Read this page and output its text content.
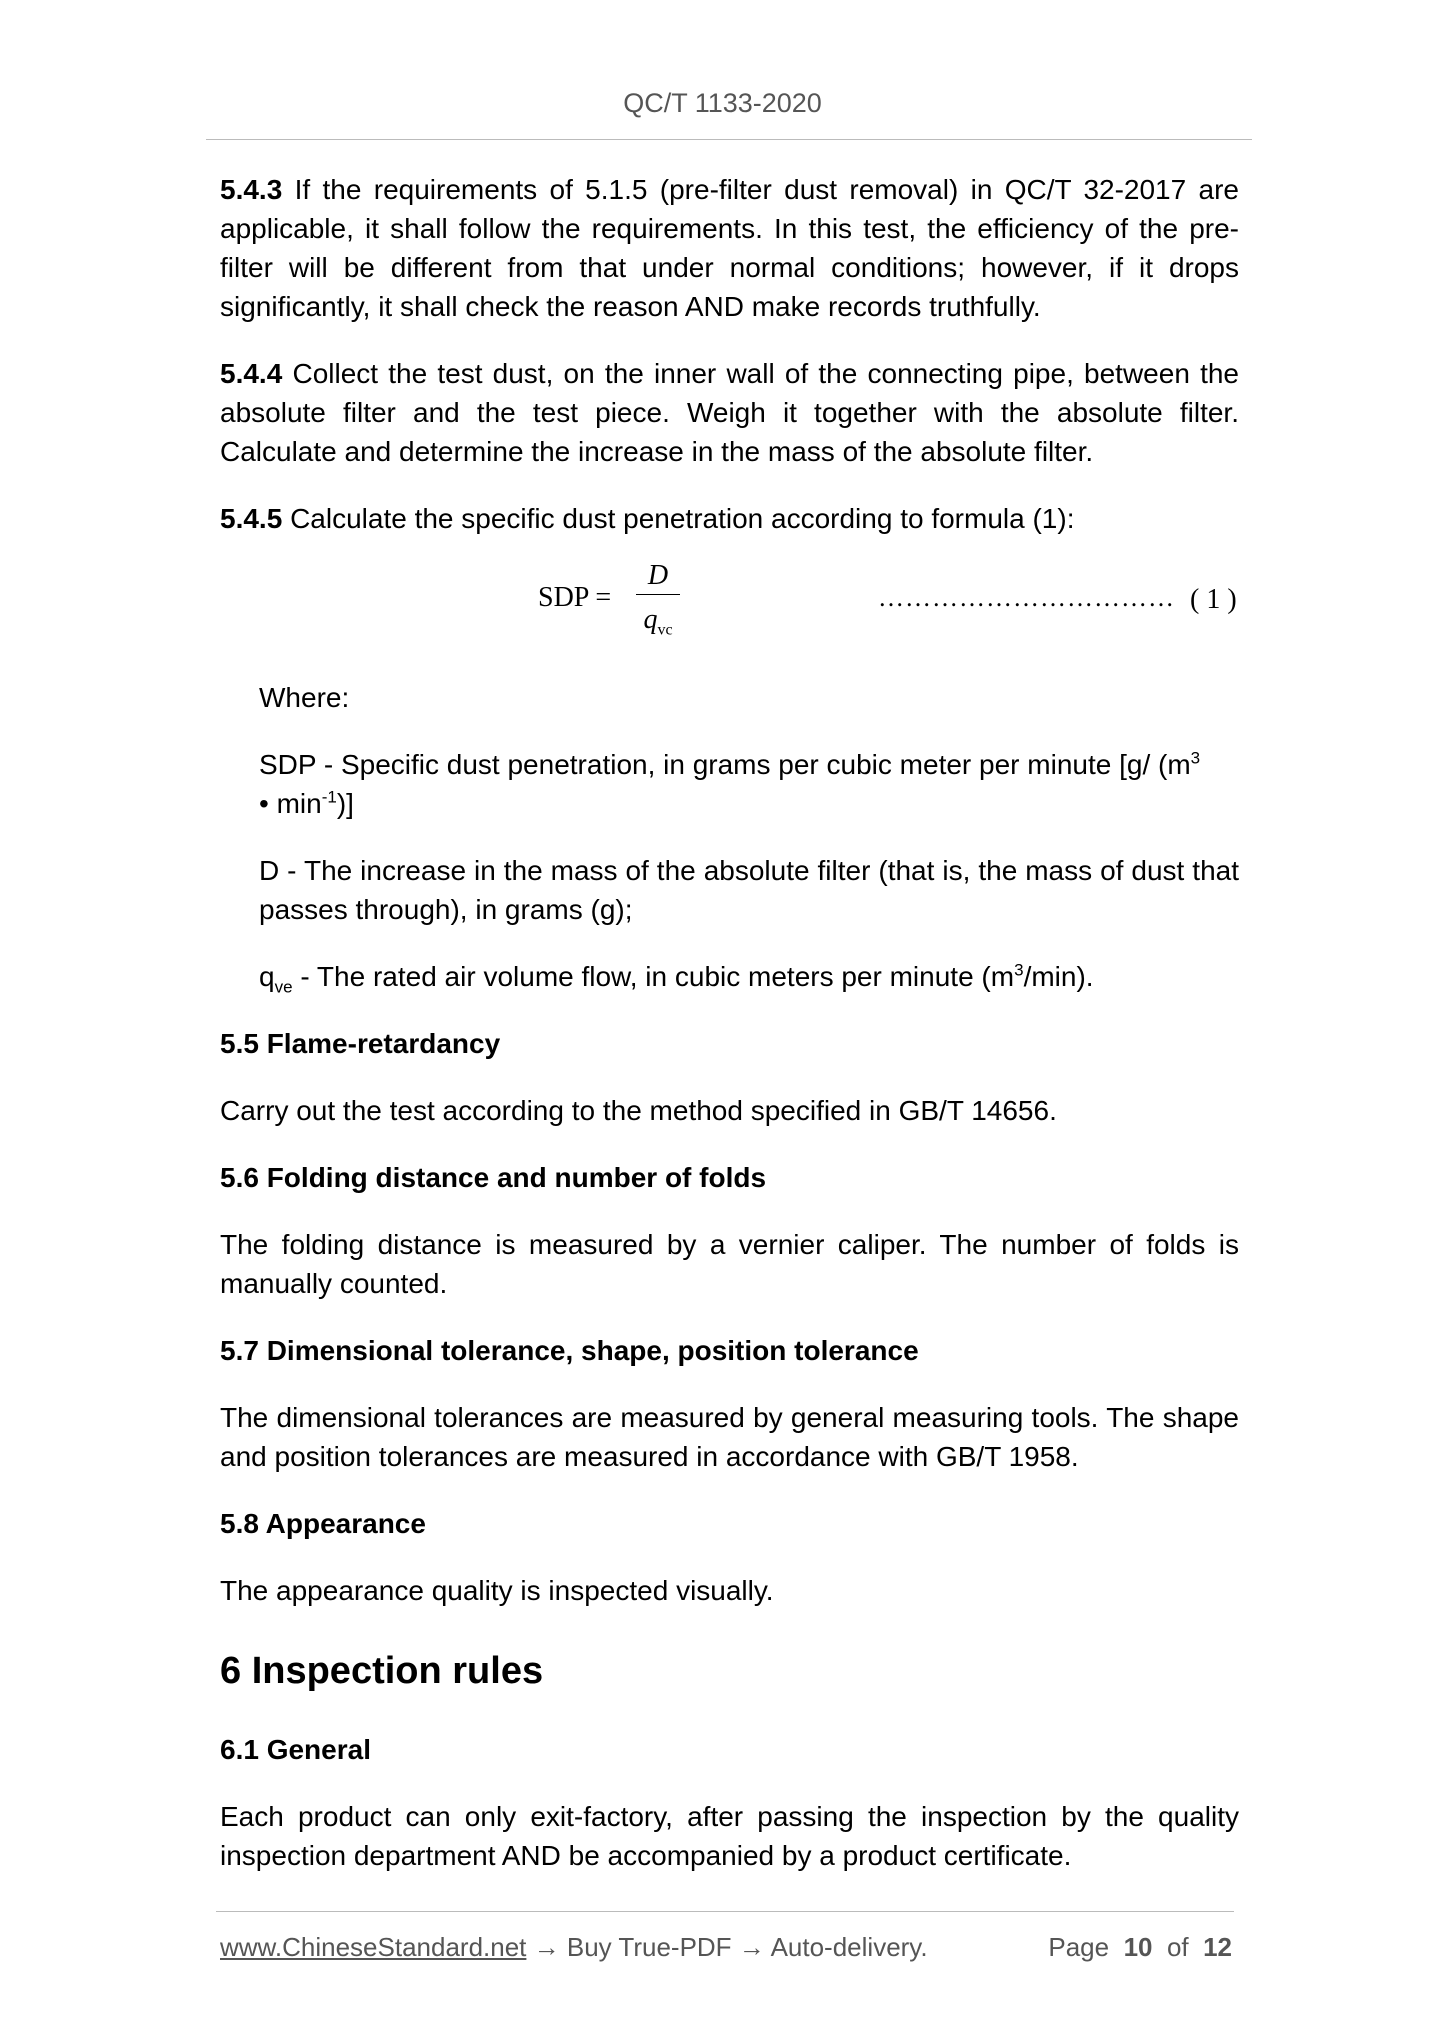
QC/T 1133-2020

5.4.3 If the requirements of 5.1.5 (pre-filter dust removal) in QC/T 32-2017 are applicable, it shall follow the requirements. In this test, the efficiency of the pre-filter will be different from that under normal conditions; however, if it drops significantly, it shall check the reason AND make records truthfully.

5.4.4 Collect the test dust, on the inner wall of the connecting pipe, between the absolute filter and the test piece. Weigh it together with the absolute filter. Calculate and determine the increase in the mass of the absolute filter.

5.4.5 Calculate the specific dust penetration according to formula (1):

SDP =
D
$q_{vc}$
…………………………… ( 1 )

Where:

SDP - Specific dust penetration, in grams per cubic meter per minute [g/ ($m^3$
• $\min^{-1}$)]

D - The increase in the mass of the absolute filter (that is, the mass of dust that passes through), in grams (g);

$q_{ve}$ - The rated air volume flow, in cubic meters per minute $(m^3/\min)$.

5.5 Flame-retardancy

Carry out the test according to the method specified in GB/T 14656.

5.6 Folding distance and number of folds

The folding distance is measured by a vernier caliper. The number of folds is manually counted.

5.7 Dimensional tolerance, shape, position tolerance

The dimensional tolerances are measured by general measuring tools. The shape and position tolerances are measured in accordance with GB/T 1958.

5.8 Appearance

The appearance quality is inspected visually.

6 Inspection rules
6.1 General

Each product can only exit-factory, after passing the inspection by the quality inspection department AND be accompanied by a product certificate.

www.ChineseStandard.net → Buy True-PDF → Auto-delivery.	Page 10 of 12
